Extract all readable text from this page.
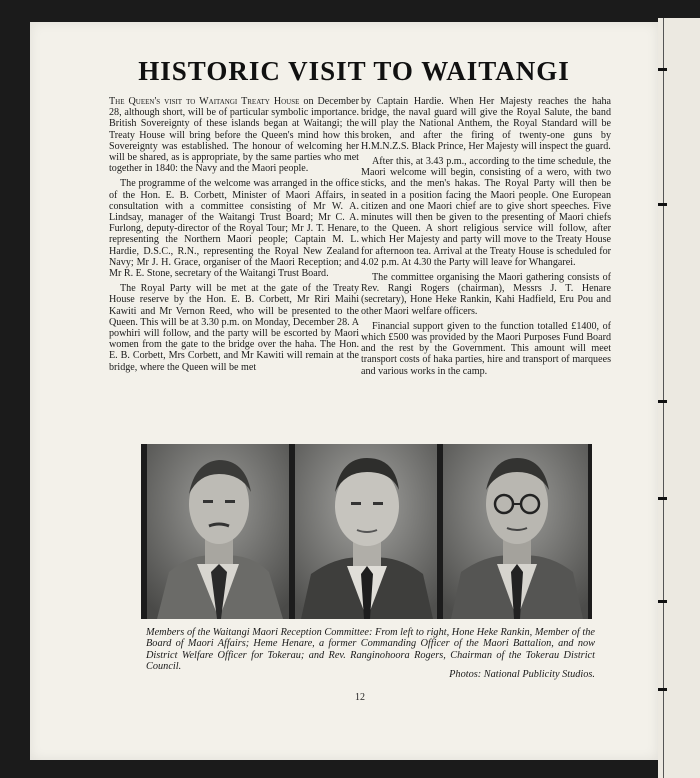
HISTORIC VISIT TO WAITANGI

The Queen's visit to Waitangi Treaty House on December 28, although short, will be of particular symbolic importance. British Sovereignty of these islands began at Waitangi; the Treaty House will bring before the Queen's mind how this Sovereignty was established. The honour of welcoming her will be shared, as is appropriate, by the same parties who met together in 1840: the Navy and the Maori people.

The programme of the welcome was arranged in the office of the Hon. E. B. Corbett, Minister of Maori Affairs, in consultation with a committee consisting of Mr W. A. Lindsay, manager of the Waitangi Trust Board; Mr C. A. Furlong, deputy-director of the Royal Tour; Mr J. T. Henare, representing the Northern Maori people; Captain M. L. Hardie, D.S.C., R.N., representing the Royal New Zealand Navy; Mr J. H. Grace, organiser of the Maori Reception; and Mr R. E. Stone, secretary of the Waitangi Trust Board.

The Royal Party will be met at the gate of the Treaty House reserve by the Hon. E. B. Corbett, Mr Riri Maihi Kawiti and Mr Vernon Reed, who will be presented to the Queen. This will be at 3.30 p.m. on Monday, December 28. A powhiri will follow, and the party will be escorted by Maori women from the gate to the bridge over the haha. The Hon. E. B. Corbett, Mrs Corbett, and Mr Kawiti will remain at the bridge, where the Queen will be met

by Captain Hardie. When Her Majesty reaches the haha bridge, the naval guard will give the Royal Salute, the band will play the National Anthem, the Royal Standard will be broken, and after the firing of twenty-one guns by H.M.N.Z.S. Black Prince, Her Majesty will inspect the guard.

After this, at 3.43 p.m., according to the time schedule, the Maori welcome will begin, consisting of a wero, with two sticks, and the men's hakas. The Royal Party will then be seated in a position facing the Maori people. One European citizen and one Maori chief are to give short speeches. Five minutes will then be given to the presenting of Maori chiefs to the Queen. A short religious service will follow, after which Her Majesty and party will move to the Treaty House for afternoon tea. Arrival at the Treaty House is scheduled for 4.02 p.m. At 4.30 the Party will leave for Whangarei.

The committee organising the Maori gathering consists of Rev. Rangi Rogers (chairman), Messrs J. T. Henare (secretary), Hone Heke Rankin, Kahi Hadfield, Eru Pou and other Maori welfare officers.

Financial support given to the function totalled £1400, of which £500 was provided by the Maori Purposes Fund Board and the rest by the Government. This amount will meet transport costs of haka parties, hire and transport of marquees and various works in the camp.

Members of the Waitangi Maori Reception Committee: From left to right, Hone Heke Rankin, Member of the Board of Maori Affairs; Heme Henare, a former Commanding Officer of the Maori Battalion, and now District Welfare Officer for Tokerau; and Rev. Ranginohoora Rogers, Chairman of the Tokerau District Council.
Photos: National Publicity Studios.
12
